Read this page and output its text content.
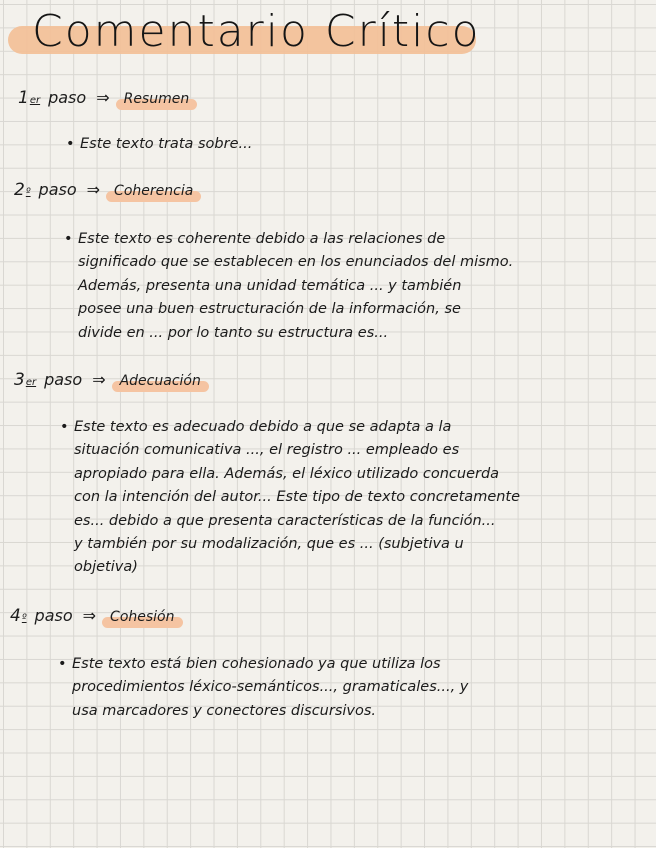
Comentario Crítico
1 er paso ⇒ Resumen
• Este texto trata sobre...
2 º paso ⇒ Coherencia
• Este texto es coherente debido a las relaciones de
significado que se establecen en los enunciados del mismo.
Además, presenta una unidad temática ... y también
posee una buen estructuración de la información, se
divide en ... por lo tanto su estructura es...
3 er paso ⇒ Adecuación
• Este texto es adecuado debido a que se adapta a la
situación comunicativa ..., el registro ... empleado es
apropiado para ella. Además, el léxico utilizado concuerda
con la intención del autor... Este tipo de texto concretamente
es... debido a que presenta características de la función...
y también por su modalización, que es ... (subjetiva u
objetiva)
4 º paso ⇒ Cohesión
• Este texto está bien cohesionado ya que utiliza los
procedimientos léxico-semánticos..., gramaticales..., y
usa marcadores y conectores discursivos.
